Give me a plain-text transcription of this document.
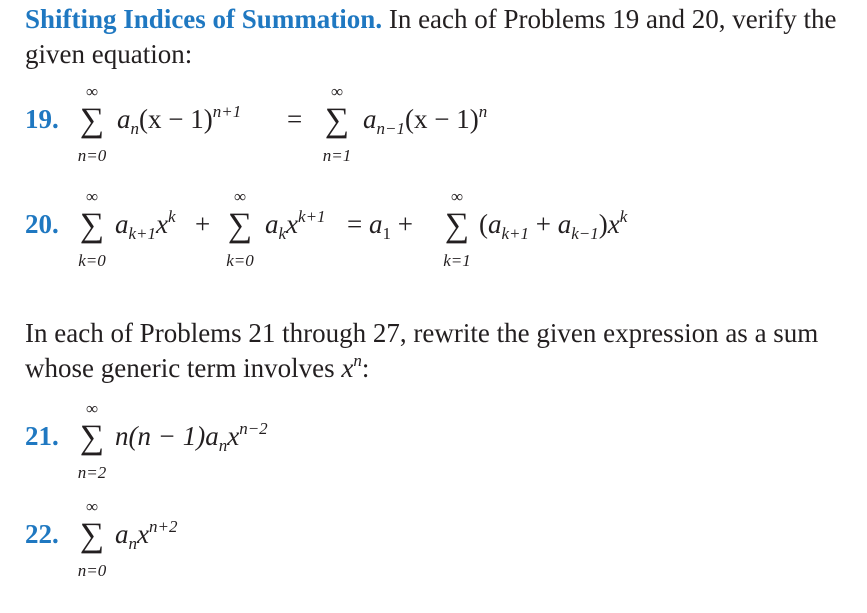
Shifting Indices of Summation. In each of Problems 19 and 20, verify the given equation:
19.
∞
∑
n=0
$a_n(x - 1)^{n+1}$ =
∞
∑
n=1
$a_{n-1}(x - 1)^n$
20.
∞
∑
k=0
$a_{k+1}x^k$ +
∞
∑
k=0
$a_kx^{k+1} = a_1$ +
∞
∑
k=1
$(a_{k+1} + a_{k-1})x^k$
In each of Problems 21 through 27, rewrite the given expression as a sum whose generic term involves $x^n$:
21.
∞
∑
n=2
$n(n - 1)a_nx^{n-2}$
22.
∞
∑
n=0
$a_nx^{n+2}$
